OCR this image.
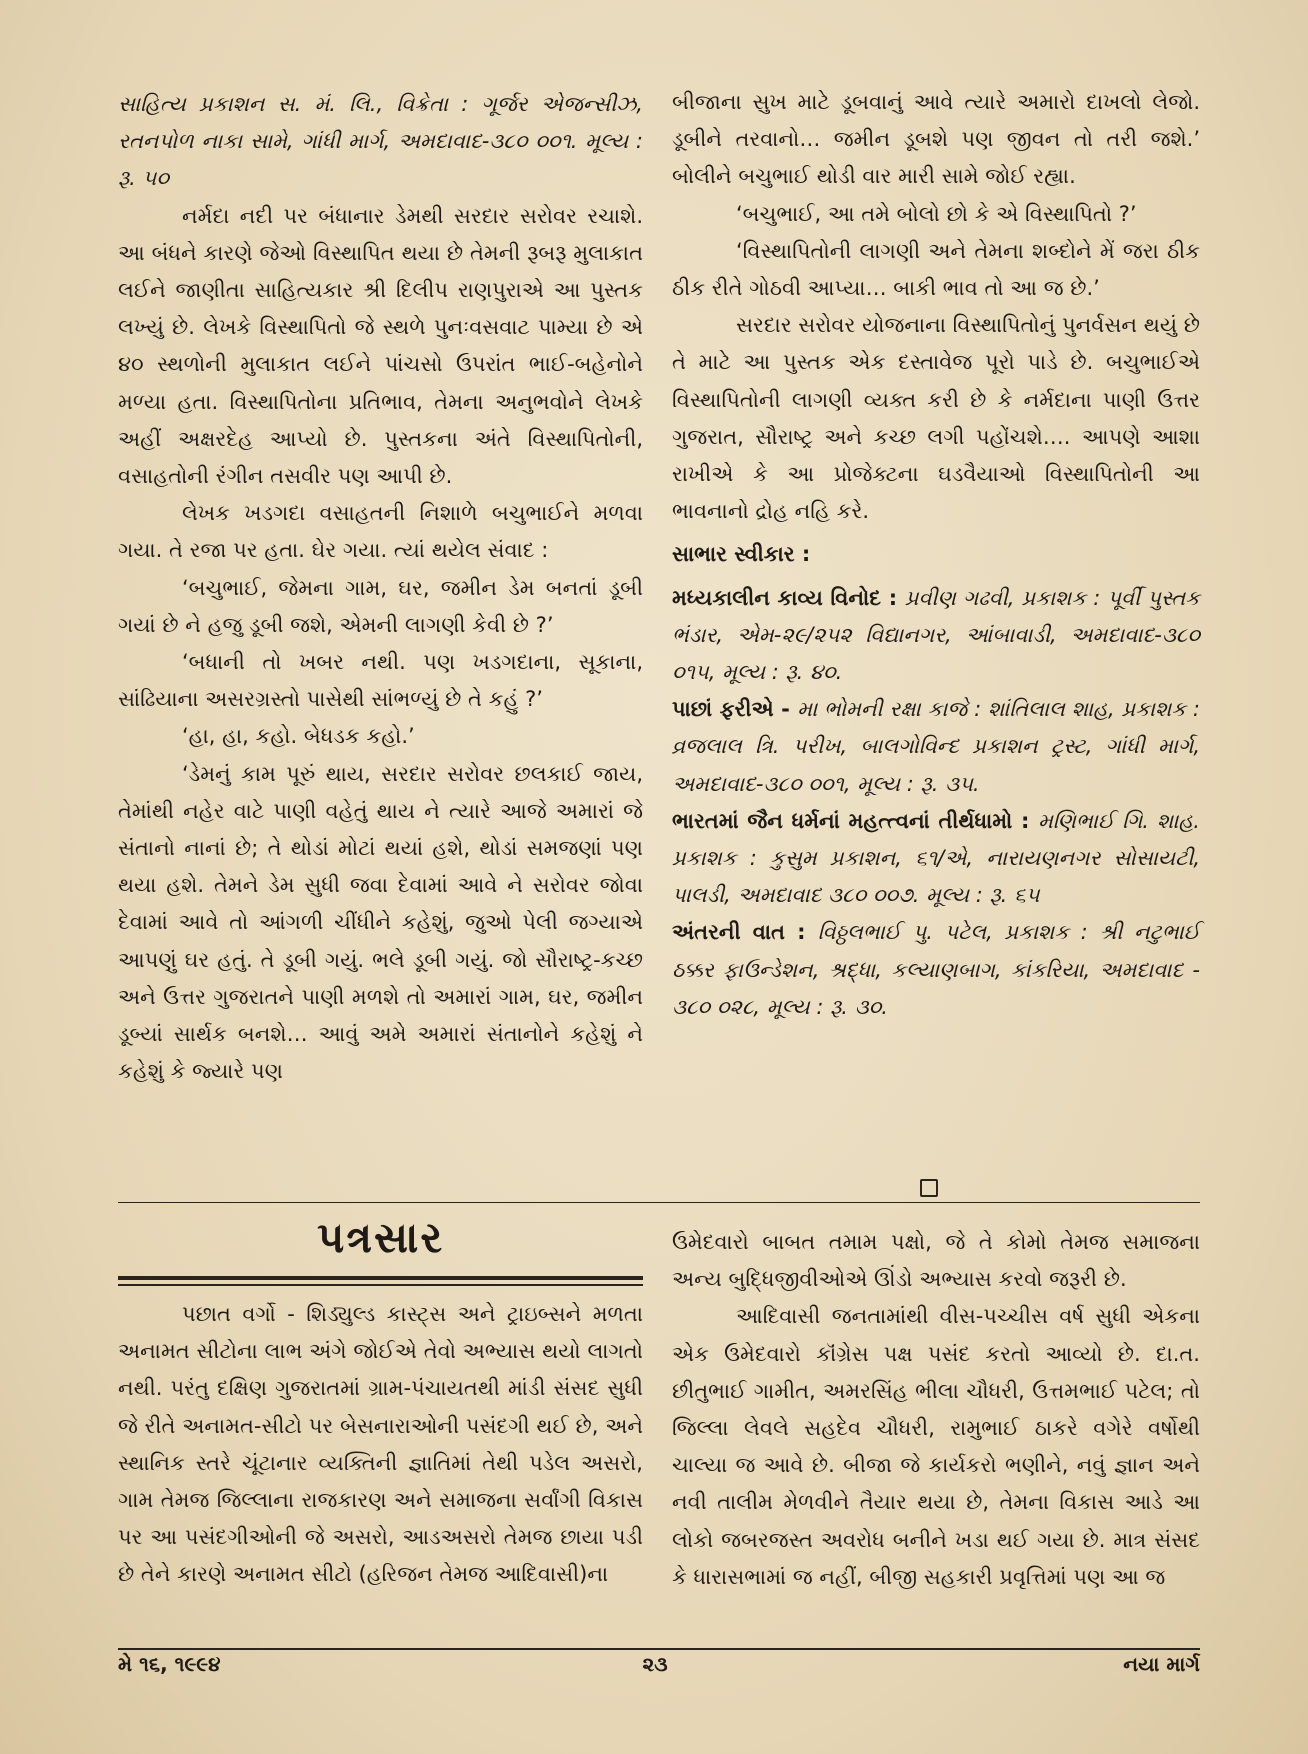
સાહિત્ય પ્રકાશન સ. મં. લિ., વિક્રેતા : ગૂર્જર એજન્સીઝ, રતનપોળ નાકા સામે, ગાંધી માર્ગ, અમદાવાદ-૩૮૦ ૦૦૧. મૂલ્ય : રૂ. ૫૦

નર્મદા નદી પર બંધાનાર ડેમથી સરદાર સરોવર રચાશે. આ બંધને કારણે જેઓ વિસ્થાપિત થયા છે તેમની રૂબરૂ મુલાકાત લઈને જાણીતા સાહિત્યકાર શ્રી દિલીપ રાણપુરાએ આ પુસ્તક લખ્યું છે. લેખકે વિસ્થાપિતો જે સ્થળે પુનઃવસવાટ પામ્યા છે એ ૪૦ સ્થળોની મુલાકાત લઈને પાંચસો ઉપરાંત ભાઈ-બહેનોને મળ્યા હતા. વિસ્થાપિતોના પ્રતિભાવ, તેમના અનુભવોને લેખકે અહીં અક્ષરદેહ આપ્યો છે. પુસ્તકના અંતે વિસ્થાપિતોની, વસાહતોની રંગીન તસવીર પણ આપી છે.

લેખક ખડગદા વસાહતની નિશાળે બચુભાઈને મળવા ગયા. તે રજા પર હતા. ઘેર ગયા. ત્યાં થયેલ સંવાદ :

‘બચુભાઈ, જેમના ગામ, ઘર, જમીન ડેમ બનતાં ડૂબી ગયાં છે ને હજુ ડૂબી જશે, એમની લાગણી કેવી છે ?’

‘બધાની તો ખબર નથી. પણ ખડગદાના, સૂકાના, સાંઢિયાના અસરગ્રસ્તો પાસેથી સાંભળ્યું છે તે કહું ?’

‘હા, હા, કહો. બેધડક કહો.’

‘ડેમનું કામ પૂરું થાય, સરદાર સરોવર છલકાઈ જાય, તેમાંથી નહેર વાટે પાણી વહેતું થાય ને ત્યારે આજે અમારાં જે સંતાનો નાનાં છે; તે થોડાં મોટાં થયાં હશે, થોડાં સમજણાં પણ થયા હશે. તેમને ડેમ સુધી જવા દેવામાં આવે ને સરોવર જોવા દેવામાં આવે તો આંગળી ચીંધીને કહેશું, જુઓ પેલી જગ્યાએ આપણું ઘર હતું. તે ડૂબી ગયું. ભલે ડૂબી ગયું. જો સૌરાષ્ટ્ર-કચ્છ અને ઉત્તર ગુજરાતને પાણી મળશે તો અમારાં ગામ, ઘર, જમીન ડૂબ્યાં સાર્થક બનશે… આવું અમે અમારાં સંતાનોને કહેશું ને કહેશું કે જ્યારે પણ

બીજાના સુખ માટે ડૂબવાનું આવે ત્યારે અમારો દાખલો લેજો. ડૂબીને તરવાનો… જમીન ડૂબશે પણ જીવન તો તરી જશે.’ બોલીને બચુભાઈ થોડી વાર મારી સામે જોઈ રહ્યા.

‘બચુભાઈ, આ તમે બોલો છો કે એ વિસ્થાપિતો ?’

‘વિસ્થાપિતોની લાગણી અને તેમના શબ્દોને મેં જરા ઠીક ઠીક રીતે ગોઠવી આપ્યા… બાકી ભાવ તો આ જ છે.’

સરદાર સરોવર યોજનાના વિસ્થાપિતોનું પુનર્વસન થયું છે તે માટે આ પુસ્તક એક દસ્તાવેજ પૂરો પાડે છે. બચુભાઈએ વિસ્થાપિતોની લાગણી વ્યક્ત કરી છે કે નર્મદાના પાણી ઉત્તર ગુજરાત, સૌરાષ્ટ્ર અને કચ્છ લગી પહોંચશે…. આપણે આશા રાખીએ કે આ પ્રોજેક્ટના ઘડવૈયાઓ વિસ્થાપિતોની આ ભાવનાનો દ્રોહ નહિ કરે.

સાભાર સ્વીકાર :

મધ્યકાલીન કાવ્ય વિનોદ : પ્રવીણ ગઢવી, પ્રકાશક : પૂર્વી પુસ્તક ભંડાર, એમ-૨૯/૨૫૨ વિદ્યાનગર, આંબાવાડી, અમદાવાદ-૩૮૦ ૦૧૫, મૂલ્ય : રૂ. ૪૦.

પાછાં ફરીએ - મા ભોમની રક્ષા કાજે : શાંતિલાલ શાહ, પ્રકાશક : વ્રજલાલ ત્રિ. પરીખ, બાલગોવિન્દ પ્રકાશન ટ્રસ્ટ, ગાંધી માર્ગ, અમદાવાદ-૩૮૦ ૦૦૧, મૂલ્ય : રૂ. ૩૫.

ભારતમાં જૈન ધર્મનાં મહત્ત્વનાં તીર્થધામો : મણિભાઈ ગિ. શાહ. પ્રકાશક : કુસુમ પ્રકાશન, ૬૧/એ, નારાયણનગર સોસાયટી, પાલડી, અમદાવાદ ૩૮૦ ૦૦૭. મૂલ્ય : રૂ. ૬૫

અંતરની વાત : વિઠ્ઠલભાઈ પુ. પટેલ, પ્રકાશક : શ્રી નટુભાઈ ઠક્કર ફાઉન્ડેશન, શ્રદ્ધા, કલ્યાણબાગ, કાંકરિયા, અમદાવાદ - ૩૮૦ ૦૨૮, મૂલ્ય : રૂ. ૩૦.

પત્રસાર

પછાત વર્ગો - શિડ્યુલ્ડ કાસ્ટ્સ અને ટ્રાઇબ્સને મળતા અનામત સીટોના લાભ અંગે જોઈએ તેવો અભ્યાસ થયો લાગતો નથી. પરંતુ દક્ષિણ ગુજરાતમાં ગ્રામ-પંચાયતથી માંડી સંસદ સુધી જે રીતે અનામત-સીટો પર બેસનારાઓની પસંદગી થઈ છે, અને સ્થાનિક સ્તરે ચૂંટાનાર વ્યક્તિની જ્ઞાતિમાં તેથી પડેલ અસરો, ગામ તેમજ જિલ્લાના રાજકારણ અને સમાજના સર્વાંગી વિકાસ પર આ પસંદગીઓની જે અસરો, આડઅસરો તેમજ છાયા પડી છે તેને કારણે અનામત સીટો (હરિજન તેમજ આદિવાસી)ના

ઉમેદવારો બાબત તમામ પક્ષો, જે તે કોમો તેમજ સમાજના અન્ય બુદ્ધિજીવીઓએ ઊંડો અભ્યાસ કરવો જરૂરી છે.

આદિવાસી જનતામાંથી વીસ-પચ્ચીસ વર્ષ સુધી એકના એક ઉમેદવારો કૉંગ્રેસ પક્ષ પસંદ કરતો આવ્યો છે. દા.ત. છીતુભાઈ ગામીત, અમરસિંહ ભીલા ચૌધરી, ઉત્તમભાઈ પટેલ; તો જિલ્લા લેવલે સહદેવ ચૌધરી, રામુભાઈ ઠાકરે વગેરે વર્ષોથી ચાલ્યા જ આવે છે. બીજા જે કાર્યકરો ભણીને, નવું જ્ઞાન અને નવી તાલીમ મેળવીને તૈયાર થયા છે, તેમના વિકાસ આડે આ લોકો જબરજસ્ત અવરોધ બનીને ખડા થઈ ગયા છે. માત્ર સંસદ કે ધારાસભામાં જ નહીં, બીજી સહકારી પ્રવૃત્તિમાં પણ આ જ

મે ૧૬, ૧૯૯૪	૨૩	નયા માર્ગ
